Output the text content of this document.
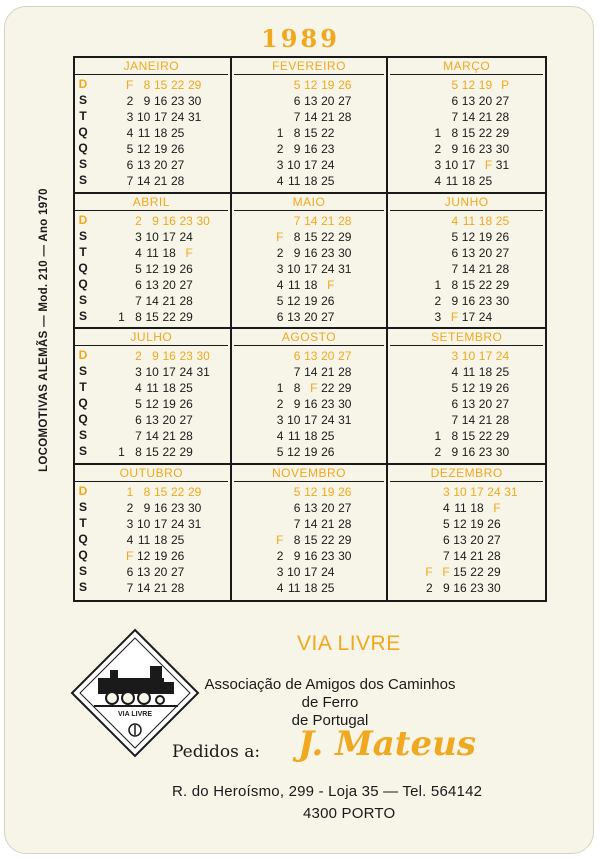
1989
LOCOMOTIVAS ALEMÃS — Mod. 210 — Ano 1970
JANEIRO
D
S
T
Q
Q
S
S
F 8 15 22 29
2 9 16 23 30
3 10 17 24 31
4 11 18 25
5 12 19 26
6 13 20 27
7 14 21 28
FEVEREIRO
5 12 19 26
6 13 20 27
7 14 21 28
1 8 15 22
2 9 16 23
3 10 17 24
4 11 18 25
MARÇO
5 12 19 P
6 13 20 27
7 14 21 28
1 8 15 22 29
2 9 16 23 30
3 10 17 F 31
4 11 18 25
ABRIL
D
S
T
Q
Q
S
S
2 9 16 23 30
3 10 17 24
4 11 18 F
5 12 19 26
6 13 20 27
7 14 21 28
1 8 15 22 29
MAIO
7 14 21 28
F 8 15 22 29
2 9 16 23 30
3 10 17 24 31
4 11 18 F
5 12 19 26
6 13 20 27
JUNHO
4 11 18 25
5 12 19 26
6 13 20 27
7 14 21 28
1 8 15 22 29
2 9 16 23 30
3 F 17 24
JULHO
D
S
T
Q
Q
S
S
2 9 16 23 30
3 10 17 24 31
4 11 18 25
5 12 19 26
6 13 20 27
7 14 21 28
1 8 15 22 29
AGOSTO
6 13 20 27
7 14 21 28
1 8 F 22 29
2 9 16 23 30
3 10 17 24 31
4 11 18 25
5 12 19 26
SETEMBRO
3 10 17 24
4 11 18 25
5 12 19 26
6 13 20 27
7 14 21 28
1 8 15 22 29
2 9 16 23 30
OUTUBRO
D
S
T
Q
Q
S
S
1 8 15 22 29
2 9 16 23 30
3 10 17 24 31
4 11 18 25
F 12 19 26
6 13 20 27
7 14 21 28
NOVEMBRO
5 12 19 26
6 13 20 27
7 14 21 28
F 8 15 22 29
2 9 16 23 30
3 10 17 24
4 11 18 25
DEZEMBRO
3 10 17 24 31
4 11 18 F
5 12 19 26
6 13 20 27
7 14 21 28
F F 15 22 29
2 9 16 23 30
VIA LIVRE
VIA LIVRE
Associação de Amigos dos Caminhos de Ferro
de Portugal
Pedidos a: J. Mateus
R. do Heroísmo, 299 - Loja 35 — Tel. 564142
4300 PORTO
